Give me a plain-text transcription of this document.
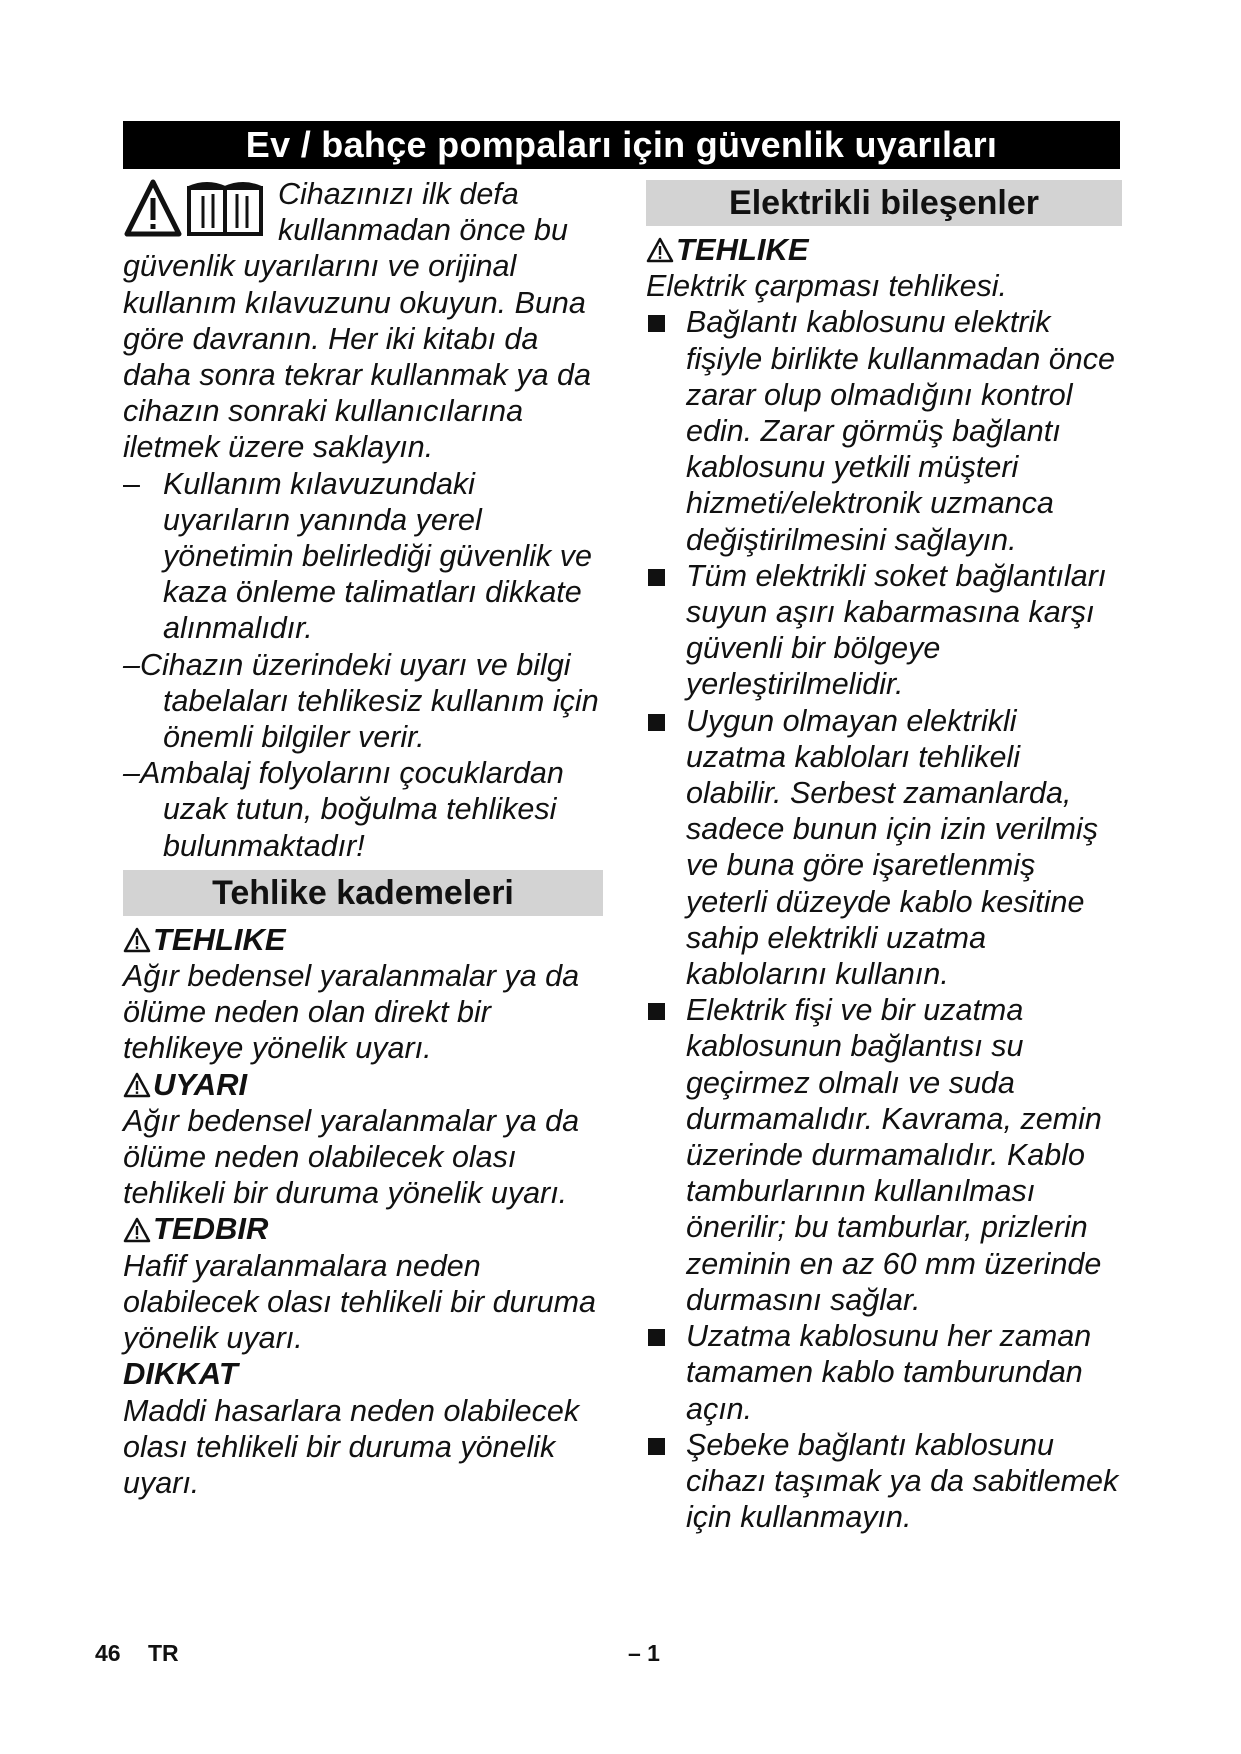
Ev / bahçe pompaları için güvenlik uyarıları
Cihazınızı ilk defa
kullanmadan önce bu
güvenlik uyarılarını ve orijinal kullanım kılavuzunu okuyun. Buna göre davranın. Her iki kitabı da daha sonra tekrar kullanmak ya da cihazın sonraki kullanıcılarına iletmek üzere saklayın.
– Kullanım kılavuzundaki uyarıların yanında yerel yönetimin belirlediği güvenlik ve kaza önleme talimatları dikkate alınmalıdır.
–Cihazın üzerindeki uyarı ve bilgi tabelaları tehlikesiz kullanım için önemli bilgiler verir.
–Ambalaj folyolarını çocuklardan uzak tutun, boğulma tehlikesi bulunmaktadır!
Tehlike kademeleri
TEHLIKE
Ağır bedensel yaralanmalar ya da ölüme neden olan direkt bir tehlikeye yönelik uyarı.
UYARI
Ağır bedensel yaralanmalar ya da ölüme neden olabilecek olası tehlikeli bir duruma yönelik uyarı.
TEDBIR
Hafif yaralanmalara neden olabilecek olası tehlikeli bir duruma yönelik uyarı.
DIKKAT
Maddi hasarlara neden olabilecek olası tehlikeli bir duruma yönelik uyarı.
Elektrikli bileşenler
TEHLIKE
Elektrik çarpması tehlikesi.
Bağlantı kablosunu elektrik fişiyle birlikte kullanmadan önce zarar olup olmadığını kontrol edin. Zarar görmüş bağlantı kablosunu yetkili müşteri hizmeti/elektronik uzmanca değiştirilmesini sağlayın.
Tüm elektrikli soket bağlantıları suyun aşırı kabarmasına karşı güvenli bir bölgeye yerleştirilmelidir.
Uygun olmayan elektrikli uzatma kabloları tehlikeli olabilir. Serbest zamanlarda, sadece bunun için izin verilmiş ve buna göre işaretlenmiş yeterli düzeyde kablo kesitine sahip elektrikli uzatma kablolarını kullanın.
Elektrik fişi ve bir uzatma kablosunun bağlantısı su geçirmez olmalı ve suda durmamalıdır. Kavrama, zemin üzerinde durmamalıdır. Kablo tamburlarının kullanılması önerilir; bu tamburlar, prizlerin zeminin en az 60 mm üzerinde durmasını sağlar.
Uzatma kablosunu her zaman tamamen kablo tamburundan açın.
Şebeke bağlantı kablosunu cihazı taşımak ya da sabitlemek için kullanmayın.
46 TR	– 1
